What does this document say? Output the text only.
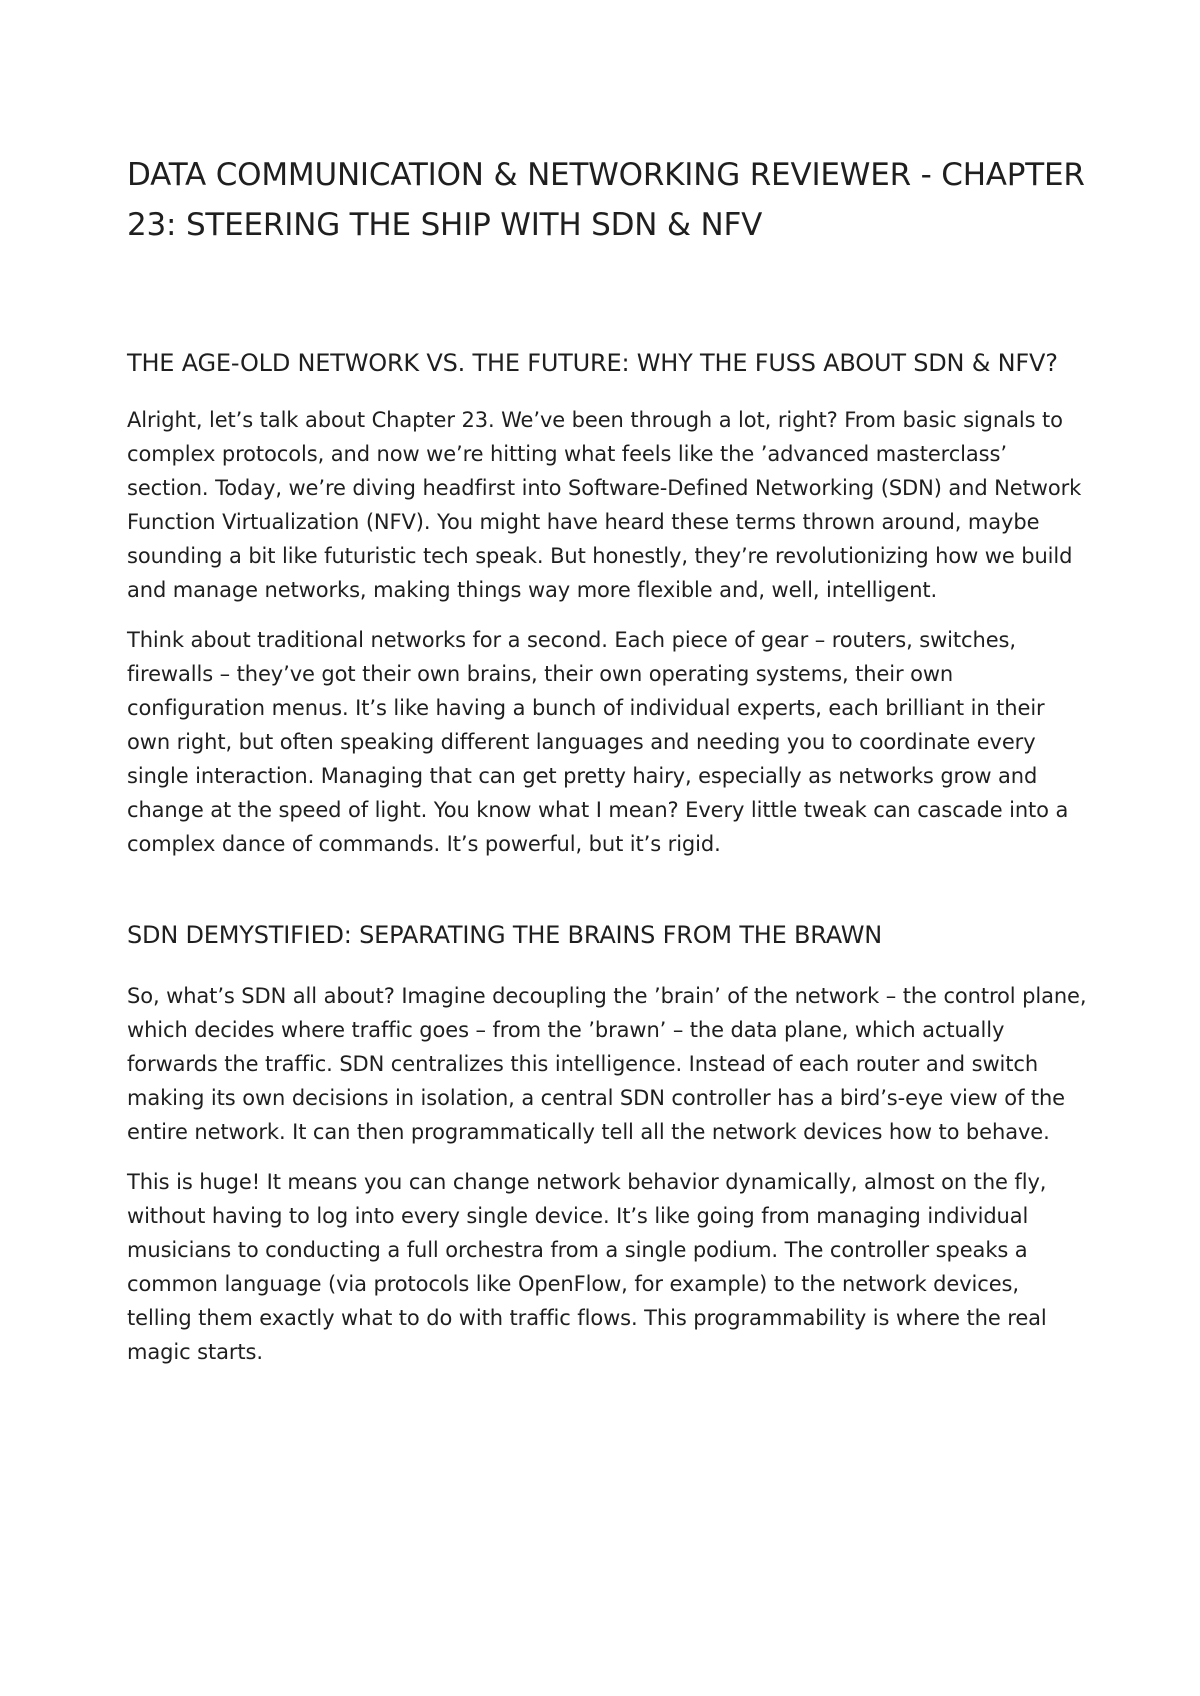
DATA COMMUNICATION & NETWORKING REVIEWER - CHAPTER 23: STEERING THE SHIP WITH SDN & NFV
THE AGE-OLD NETWORK VS. THE FUTURE: WHY THE FUSS ABOUT SDN & NFV?

Alright, let’s talk about Chapter 23. We’ve been through a lot, right? From basic signals to complex protocols, and now we’re hitting what feels like the ’advanced masterclass’ section. Today, we’re diving headfirst into Software-Defined Networking (SDN) and Network Function Virtualization (NFV). You might have heard these terms thrown around, maybe sounding a bit like futuristic tech speak. But honestly, they’re revolutionizing how we build and manage networks, making things way more flexible and, well, intelligent.

Think about traditional networks for a second. Each piece of gear – routers, switches, firewalls – they’ve got their own brains, their own operating systems, their own configuration menus. It’s like having a bunch of individual experts, each brilliant in their own right, but often speaking different languages and needing you to coordinate every single interaction. Managing that can get pretty hairy, especially as networks grow and change at the speed of light. You know what I mean? Every little tweak can cascade into a complex dance of commands. It’s powerful, but it’s rigid.

SDN DEMYSTIFIED: SEPARATING THE BRAINS FROM THE BRAWN

So, what’s SDN all about? Imagine decoupling the ’brain’ of the network – the control plane, which decides where traffic goes – from the ’brawn’ – the data plane, which actually forwards the traffic. SDN centralizes this intelligence. Instead of each router and switch making its own decisions in isolation, a central SDN controller has a bird’s-eye view of the entire network. It can then programmatically tell all the network devices how to behave.

This is huge! It means you can change network behavior dynamically, almost on the fly, without having to log into every single device. It’s like going from managing individual musicians to conducting a full orchestra from a single podium. The controller speaks a common language (via protocols like OpenFlow, for example) to the network devices, telling them exactly what to do with traffic flows. This programmability is where the real magic starts.
